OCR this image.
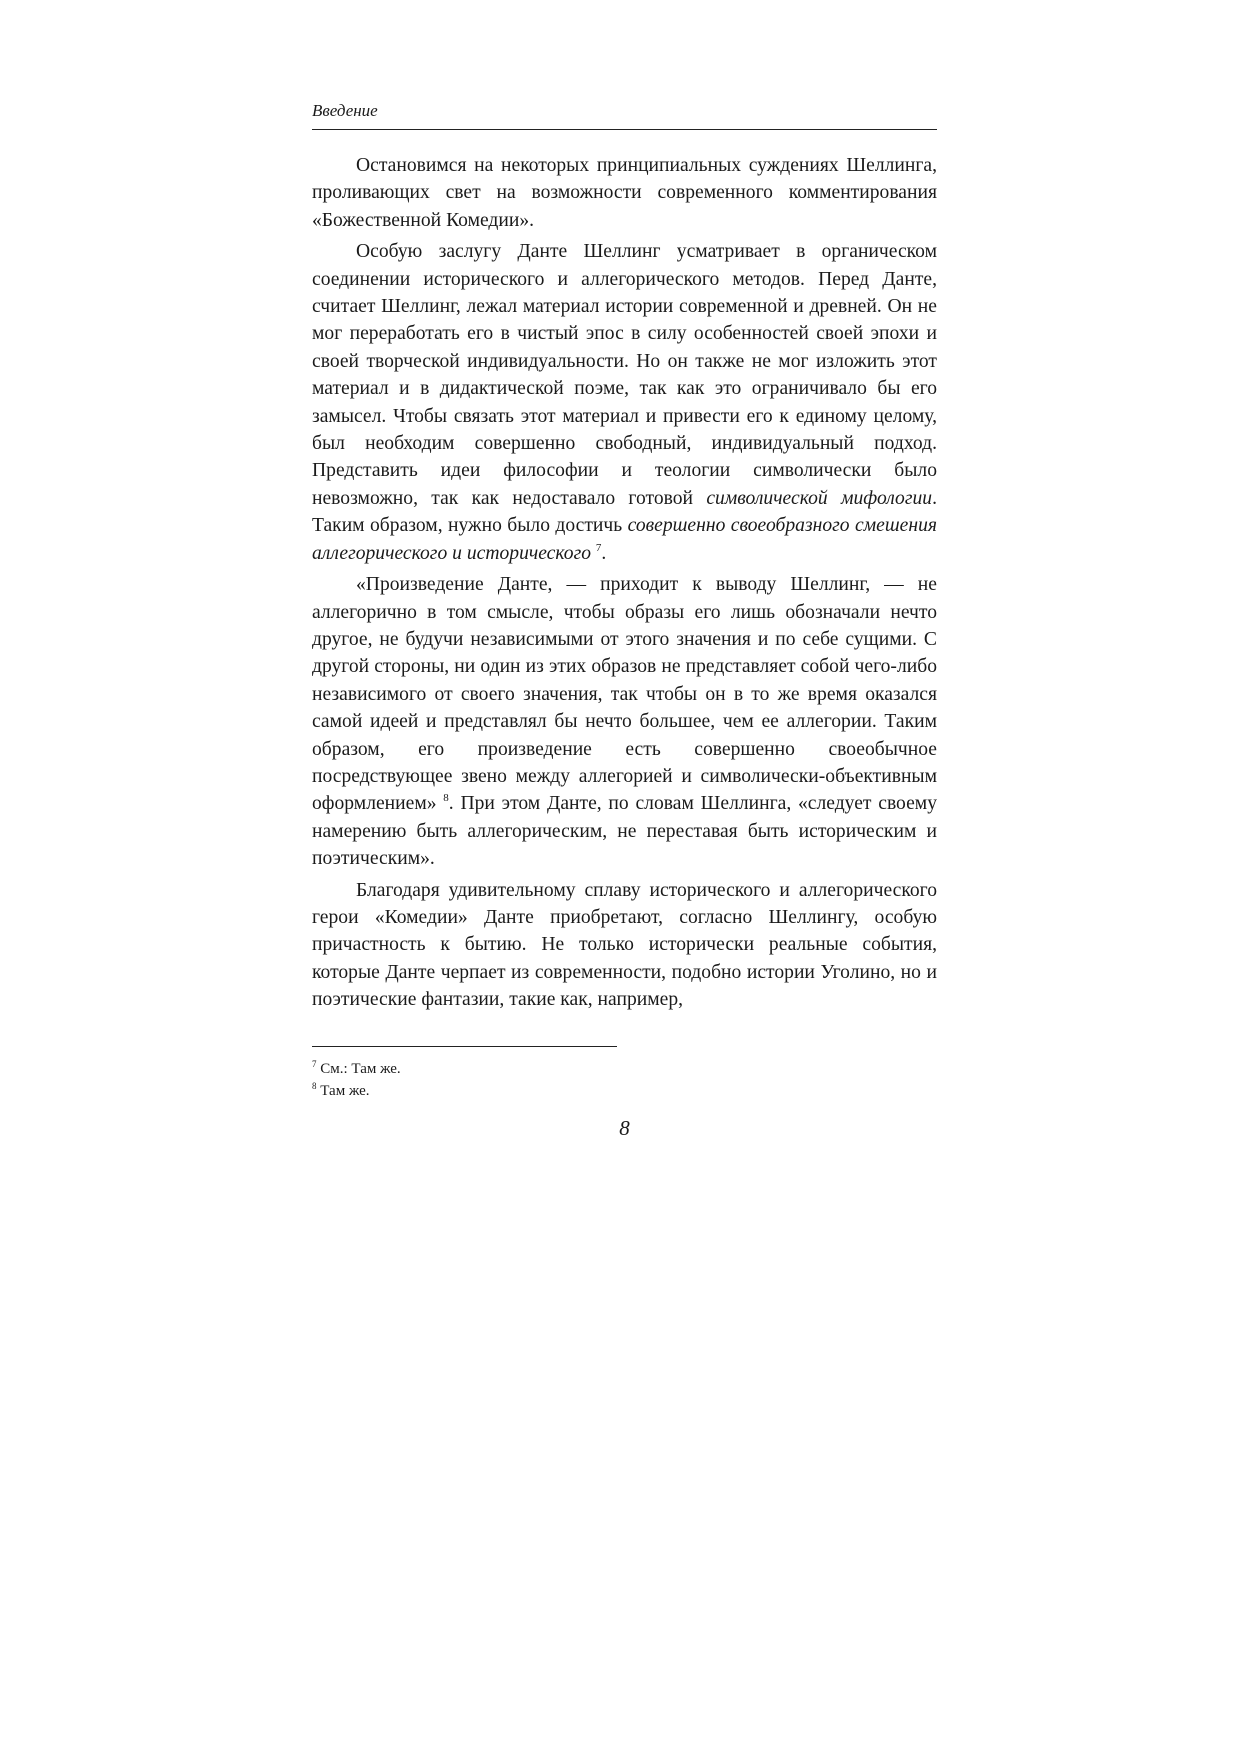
Введение

Остановимся на некоторых принципиальных суждениях Шеллинга, проливающих свет на возможности современного комментирования «Божественной Комедии».

Особую заслугу Данте Шеллинг усматривает в органическом соединении исторического и аллегорического методов. Перед Данте, считает Шеллинг, лежал материал истории современной и древней. Он не мог переработать его в чистый эпос в силу особенностей своей эпохи и своей творческой индивидуальности. Но он также не мог изложить этот материал и в дидактической поэме, так как это ограничивало бы его замысел. Чтобы связать этот материал и привести его к единому целому, был необходим совершенно свободный, индивидуальный подход. Представить идеи философии и теологии символически было невозможно, так как недоставало готовой символической мифологии. Таким образом, нужно было достичь совершенно своеобразного смешения аллегорического и исторического $^7$.

«Произведение Данте, — приходит к выводу Шеллинг, — не аллегорично в том смысле, чтобы образы его лишь обозначали нечто другое, не будучи независимыми от этого значения и по себе сущими. С другой стороны, ни один из этих образов не представляет собой чего-либо независимого от своего значения, так чтобы он в то же время оказался самой идеей и представлял бы нечто большее, чем ее аллегории. Таким образом, его произведение есть совершенно своеобычное посредствующее звено между аллегорией и символически-объективным оформлением» $^8$. При этом Данте, по словам Шеллинга, «следует своему намерению быть аллегорическим, не переставая быть историческим и поэтическим».

Благодаря удивительному сплаву исторического и аллегорического герои «Комедии» Данте приобретают, согласно Шеллингу, особую причастность к бытию. Не только исторически реальные события, которые Данте черпает из современности, подобно истории Уголино, но и поэтические фантазии, такие как, например,

$^7$ См.: Там же.
$^8$ Там же.
8
